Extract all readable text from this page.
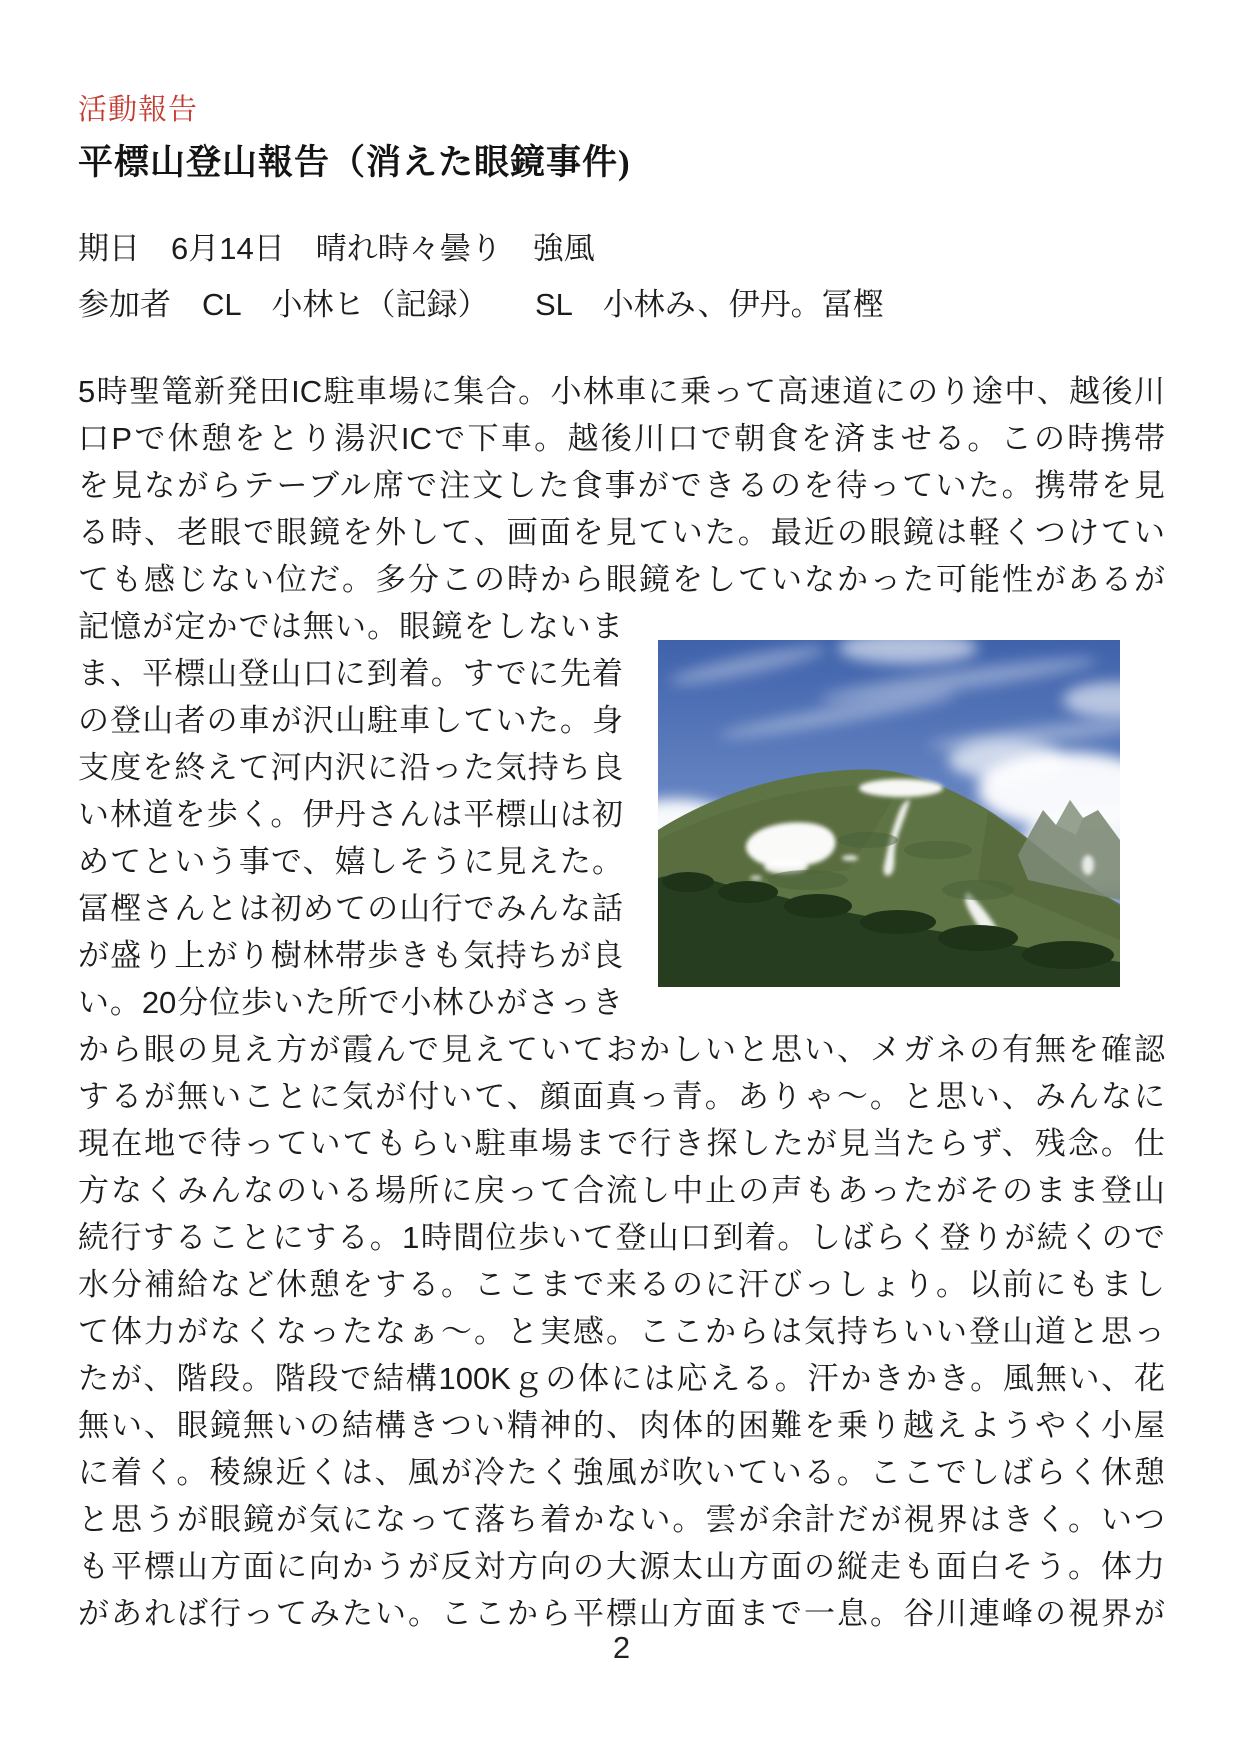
活動報告
平標山登山報告（消えた眼鏡事件)
期日　6月14日　晴れ時々曇り　強風
参加者　CL　小林ヒ（記録）　　SL　小林み、伊丹。冨樫
5時聖篭新発田IC駐車場に集合。小林車に乗って高速道にのり途中、越後川
口Pで休憩をとり湯沢ICで下車。越後川口で朝食を済ませる。この時携帯
を見ながらテーブル席で注文した食事ができるのを待っていた。携帯を見
る時、老眼で眼鏡を外して、画面を見ていた。最近の眼鏡は軽くつけてい
ても感じない位だ。多分この時から眼鏡をしていなかった可能性があるが
記憶が定かでは無い。眼鏡をしないま
ま、平標山登山口に到着。すでに先着
の登山者の車が沢山駐車していた。身
支度を終えて河内沢に沿った気持ち良
い林道を歩く。伊丹さんは平標山は初
めてという事で、嬉しそうに見えた。
冨樫さんとは初めての山行でみんな話
が盛り上がり樹林帯歩きも気持ちが良
い。20分位歩いた所で小林ひがさっき
から眼の見え方が霞んで見えていておかしいと思い、メガネの有無を確認
するが無いことに気が付いて、顔面真っ青。ありゃ〜。と思い、みんなに
現在地で待っていてもらい駐車場まで行き探したが見当たらず、残念。仕
方なくみんなのいる場所に戻って合流し中止の声もあったがそのまま登山
続行することにする。1時間位歩いて登山口到着。しばらく登りが続くので
水分補給など休憩をする。ここまで来るのに汗びっしょり。以前にもまし
て体力がなくなったなぁ〜。と実感。ここからは気持ちいい登山道と思っ
たが、階段。階段で結構100Kｇの体には応える。汗かきかき。風無い、花
無い、眼鏡無いの結構きつい精神的、肉体的困難を乗り越えようやく小屋
に着く。稜線近くは、風が冷たく強風が吹いている。ここでしばらく休憩
と思うが眼鏡が気になって落ち着かない。雲が余計だが視界はきく。いつ
も平標山方面に向かうが反対方向の大源太山方面の縦走も面白そう。体力
があれば行ってみたい。ここから平標山方面まで一息。谷川連峰の視界が
2
